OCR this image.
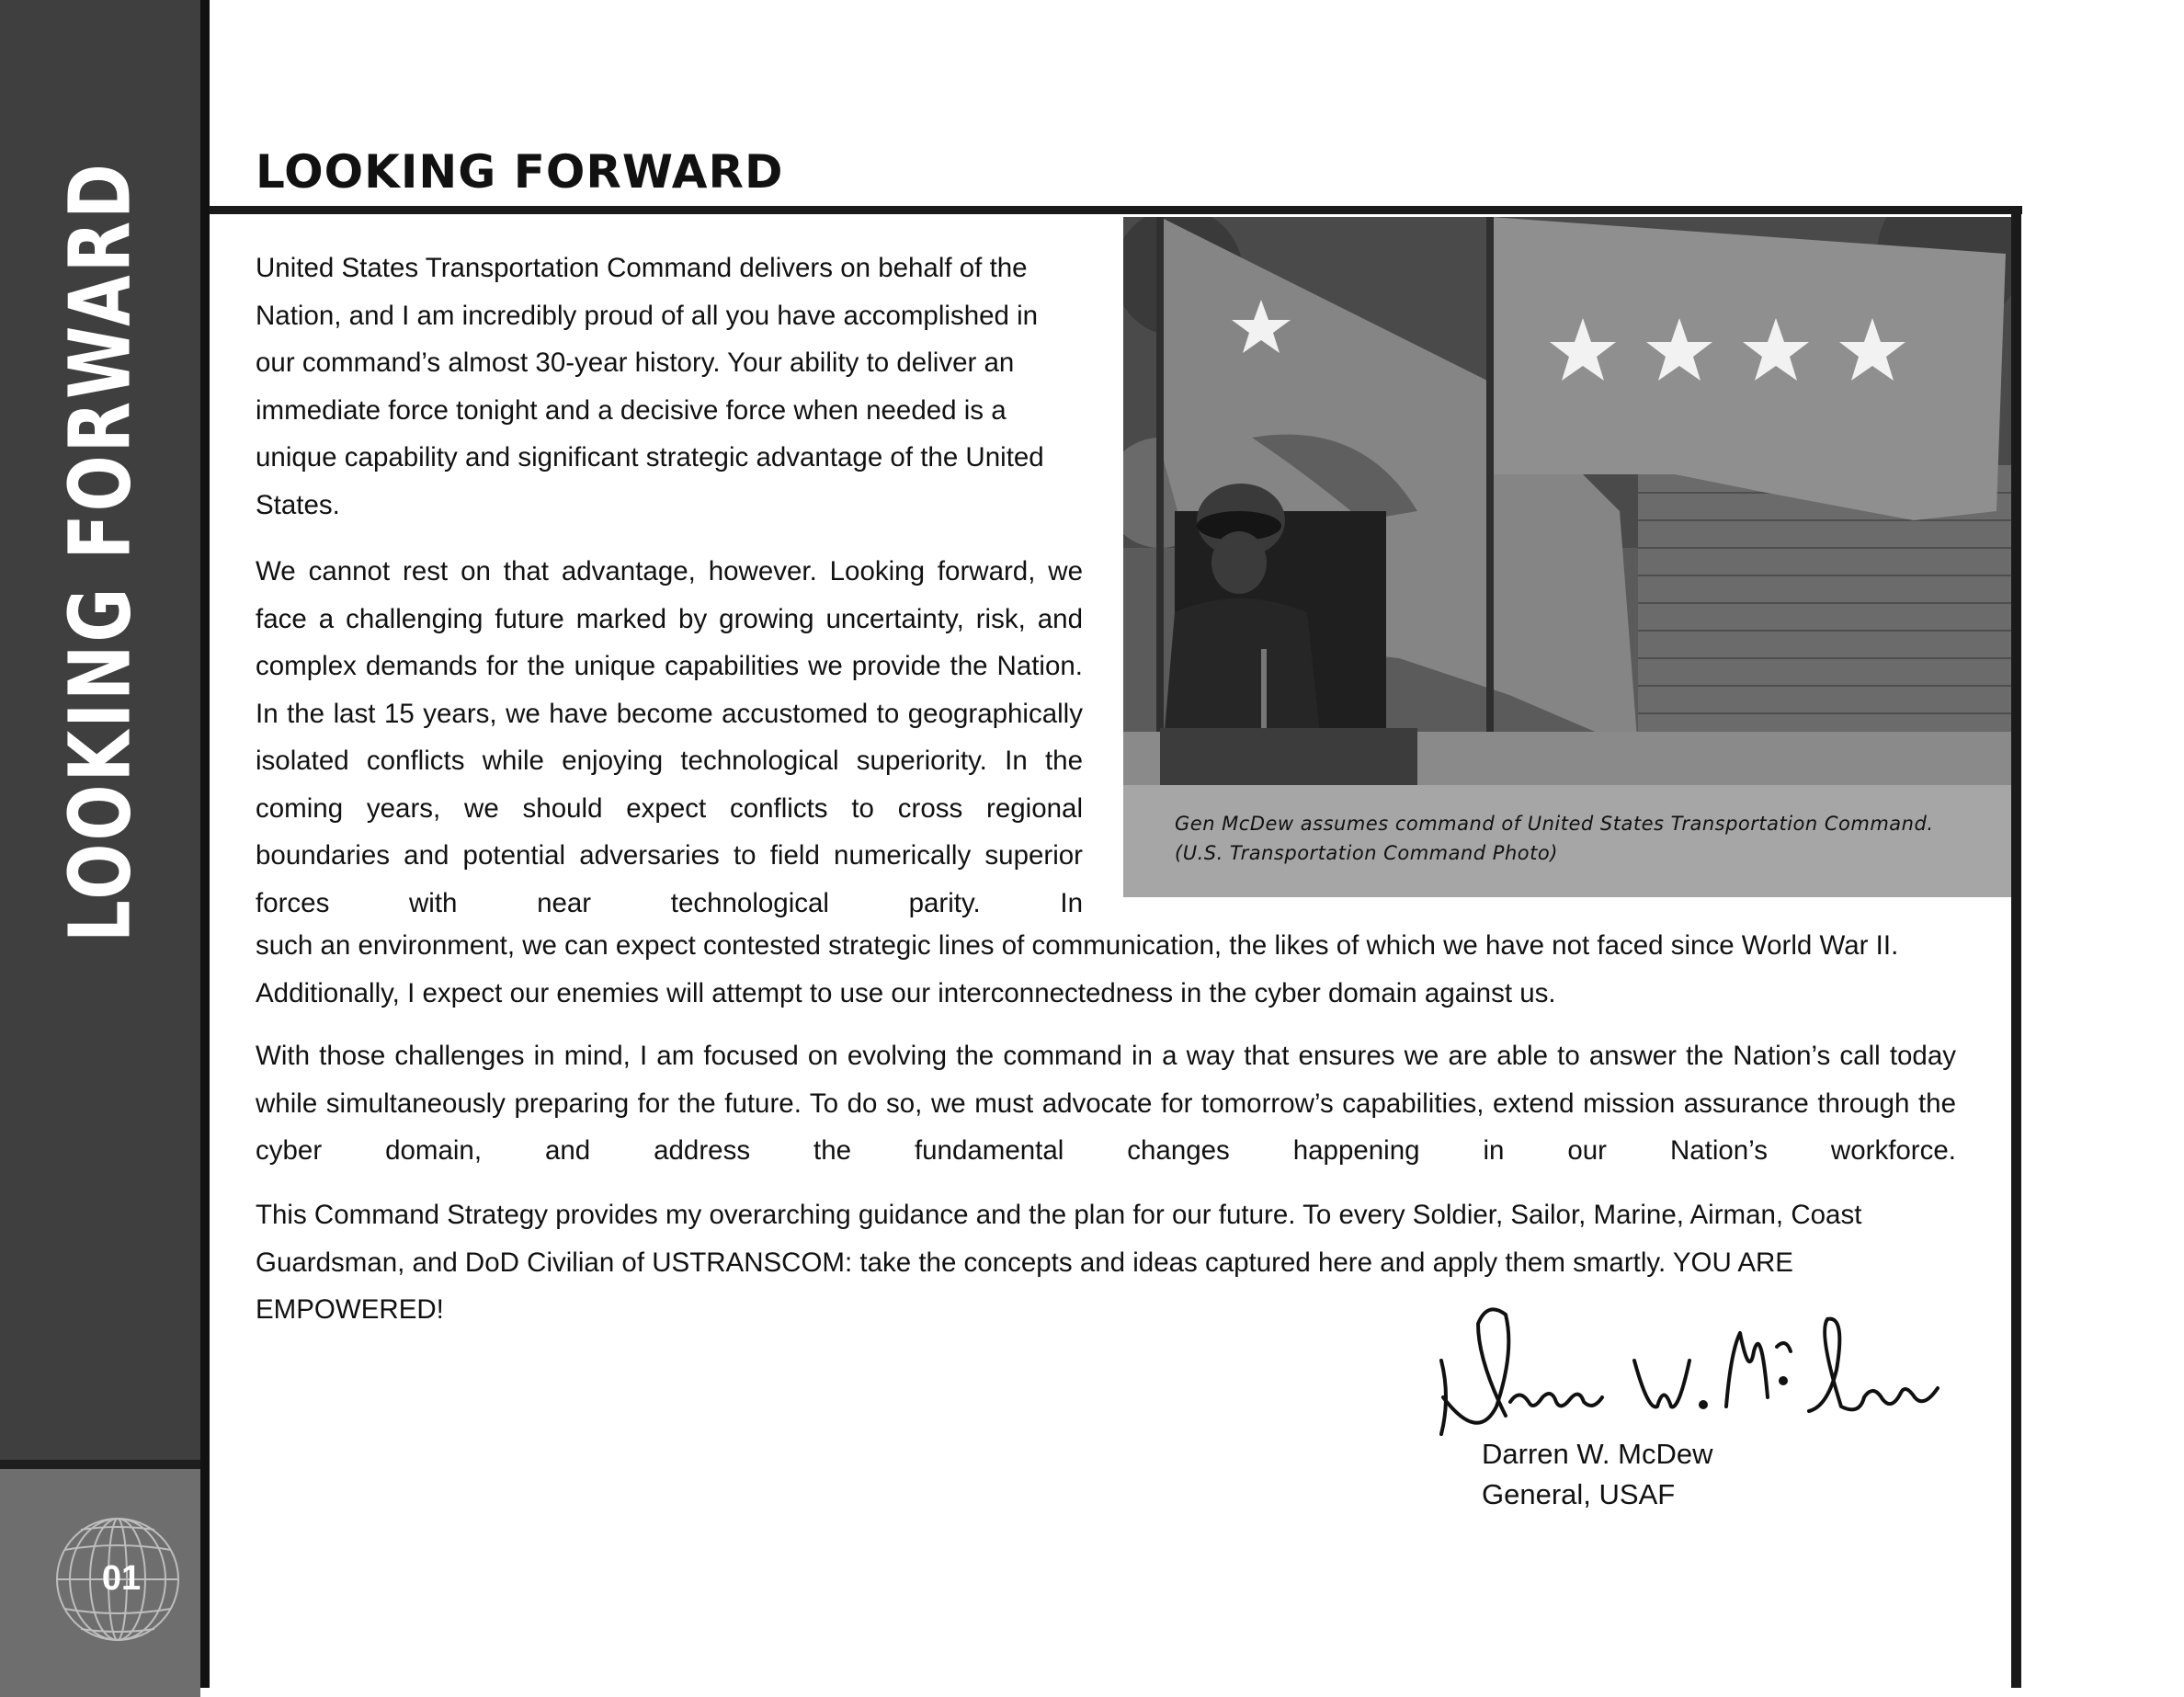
LOOKING FORWARD
01
LOOKING FORWARD
Gen McDew assumes command of United States Transportation Command. (U.S. Transportation Command Photo)
United States Transportation Command delivers on behalf of the Nation, and I am incredibly proud of all you have accomplished in our command’s almost 30-year history. Your ability to deliver an immediate force tonight and a decisive force when needed is a unique capability and significant strategic advantage of the United States.
We cannot rest on that advantage, however. Looking forward, we face a challenging future marked by growing uncertainty, risk, and complex demands for the unique capabilities we provide the Nation. In the last 15 years, we have become accustomed to geographically isolated conflicts while enjoying technological superiority. In the coming years, we should expect conflicts to cross regional boundaries and potential adversaries to field numerically superior forces with near technological parity. In
such an environment, we can expect contested strategic lines of communication, the likes of which we have not faced since World War II. Additionally, I expect our enemies will attempt to use our interconnectedness in the cyber domain against us.
With those challenges in mind, I am focused on evolving the command in a way that ensures we are able to answer the Nation’s call today while simultaneously preparing for the future. To do so, we must advocate for tomorrow’s capabilities, extend mission assurance through the cyber domain, and address the fundamental changes happening in our Nation’s workforce.
This Command Strategy provides my overarching guidance and the plan for our future. To every Soldier, Sailor, Marine, Airman, Coast Guardsman, and DoD Civilian of USTRANSCOM: take the concepts and ideas captured here and apply them smartly. YOU ARE EMPOWERED!
Darren W. McDew
General, USAF
